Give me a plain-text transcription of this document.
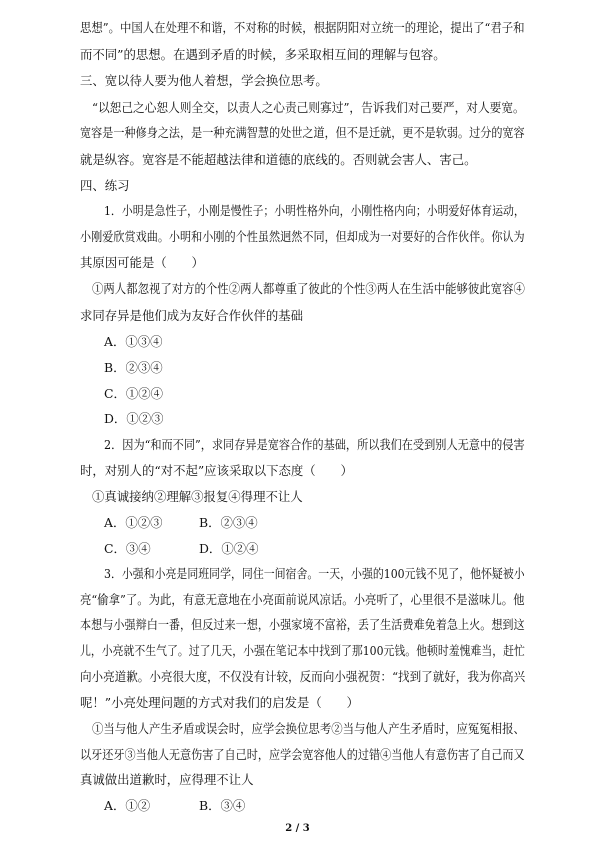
思想”。中国人在处理不和谐，不对称的时候，根据阴阳对立统一的理论，提出了“君子和
而不同”的思想。在遇到矛盾的时候，多采取相互间的理解与包容。
三、宽以待人要为他人着想，学会换位思考。
“以恕己之心恕人则全交，以责人之心责己则寡过”，告诉我们对己要严，对人要宽。
宽容是一种修身之法，是一种充满智慧的处世之道，但不是迁就，更不是软弱。过分的宽容
就是纵容。宽容是不能超越法律和道德的底线的。否则就会害人、害己。
四、练习
1．小明是急性子，小刚是慢性子；小明性格外向，小刚性格内向；小明爱好体育运动，
小刚爱欣赏戏曲。小明和小刚的个性虽然迥然不同，但却成为一对要好的合作伙伴。你认为
其原因可能是（　　）
①两人都忽视了对方的个性②两人都尊重了彼此的个性③两人在生活中能够彼此宽容④
求同存异是他们成为友好合作伙伴的基础
A．①③④
B．②③④
C．①②④
D．①②③
2．因为“和而不同”，求同存异是宽容合作的基础，所以我们在受到别人无意中的侵害
时，对别人的“对不起”应该采取以下态度（　　）
①真诚接纳②理解③报复④得理不让人
A．①②③	B．②③④
C．③④	D．①②④
3．小强和小亮是同班同学，同住一间宿舍。一天，小强的100元钱不见了，他怀疑被小
亮“偷拿”了。为此，有意无意地在小亮面前说风凉话。小亮听了，心里很不是滋味儿。他
本想与小强辩白一番，但反过来一想，小强家境不富裕，丢了生活费难免着急上火。想到这
儿，小亮就不生气了。过了几天，小强在笔记本中找到了那100元钱。他顿时羞愧难当，赶忙
向小亮道歉。小亮很大度，不仅没有计较，反而向小强祝贺：“找到了就好，我为你高兴
呢！”小亮处理问题的方式对我们的启发是（　　）
①当与他人产生矛盾或误会时，应学会换位思考②当与他人产生矛盾时，应冤冤相报、
以牙还牙③当他人无意伤害了自己时，应学会宽容他人的过错④当他人有意伤害了自己而又
真诚做出道歉时，应得理不让人
A．①②	B．③④
2 / 3
